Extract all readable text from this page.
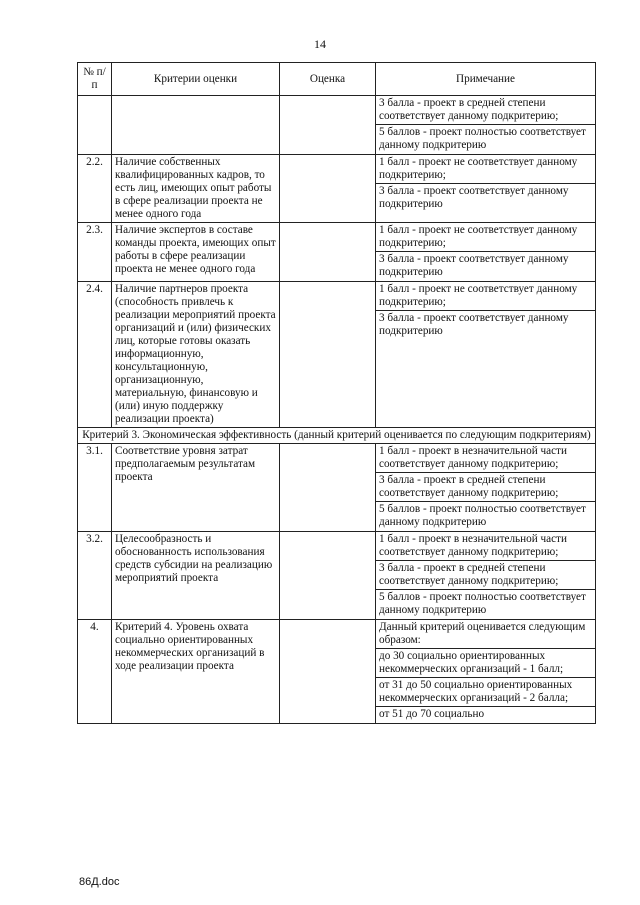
14
№ п/п	Критерии оценки	Оценка	Примечание

			3 балла - проект в средней степени соответствует данному подкритерию;
5 баллов - проект полностью соответствует данному подкритерию

2.2.	Наличие собственных квалифицированных кадров, то есть лиц, имеющих опыт работы в сфере реализации проекта не менее одного года		1 балл - проект не соответствует данному подкритерию;
3 балла - проект соответствует данному подкритерию

2.3.	Наличие экспертов в составе команды проекта, имеющих опыт работы в сфере реализации проекта не менее одного года		1 балл - проект не соответствует данному подкритерию;
3 балла - проект соответствует данному подкритерию

2.4.	Наличие партнеров проекта (способность привлечь к реализации мероприятий проекта организаций и (или) физических лиц, которые готовы оказать информационную, консультационную, организационную, материальную, финансовую и (или) иную поддержку реализации проекта)		1 балл - проект не соответствует данному подкритерию;
3 балла - проект соответствует данному подкритерию

Критерий 3. Экономическая эффективность (данный критерий оценивается по следующим подкритериям)			
3.1.	Соответствие уровня затрат предполагаемым результатам проекта		1 балл - проект в незначительной части соответствует данному подкритерию;
3 балла - проект в средней степени соответствует данному подкритерию;
5 баллов - проект полностью соответствует данному подкритерию

3.2.	Целесообразность и обоснованность использования средств субсидии на реализацию мероприятий проекта		1 балл - проект в незначительной части соответствует данному подкритерию;
3 балла - проект в средней степени соответствует данному подкритерию;
5 баллов - проект полностью соответствует данному подкритерию

4.	Критерий 4. Уровень охвата социально ориентированных некоммерческих организаций в ходе реализации проекта		Данный критерий оценивается следующим образом:
до 30 социально ориентированных некоммерческих организаций - 1 балл;
от 31 до 50 социально ориентированных некоммерческих организаций - 2 балла;
от 51 до 70 социально
86Д.doc
